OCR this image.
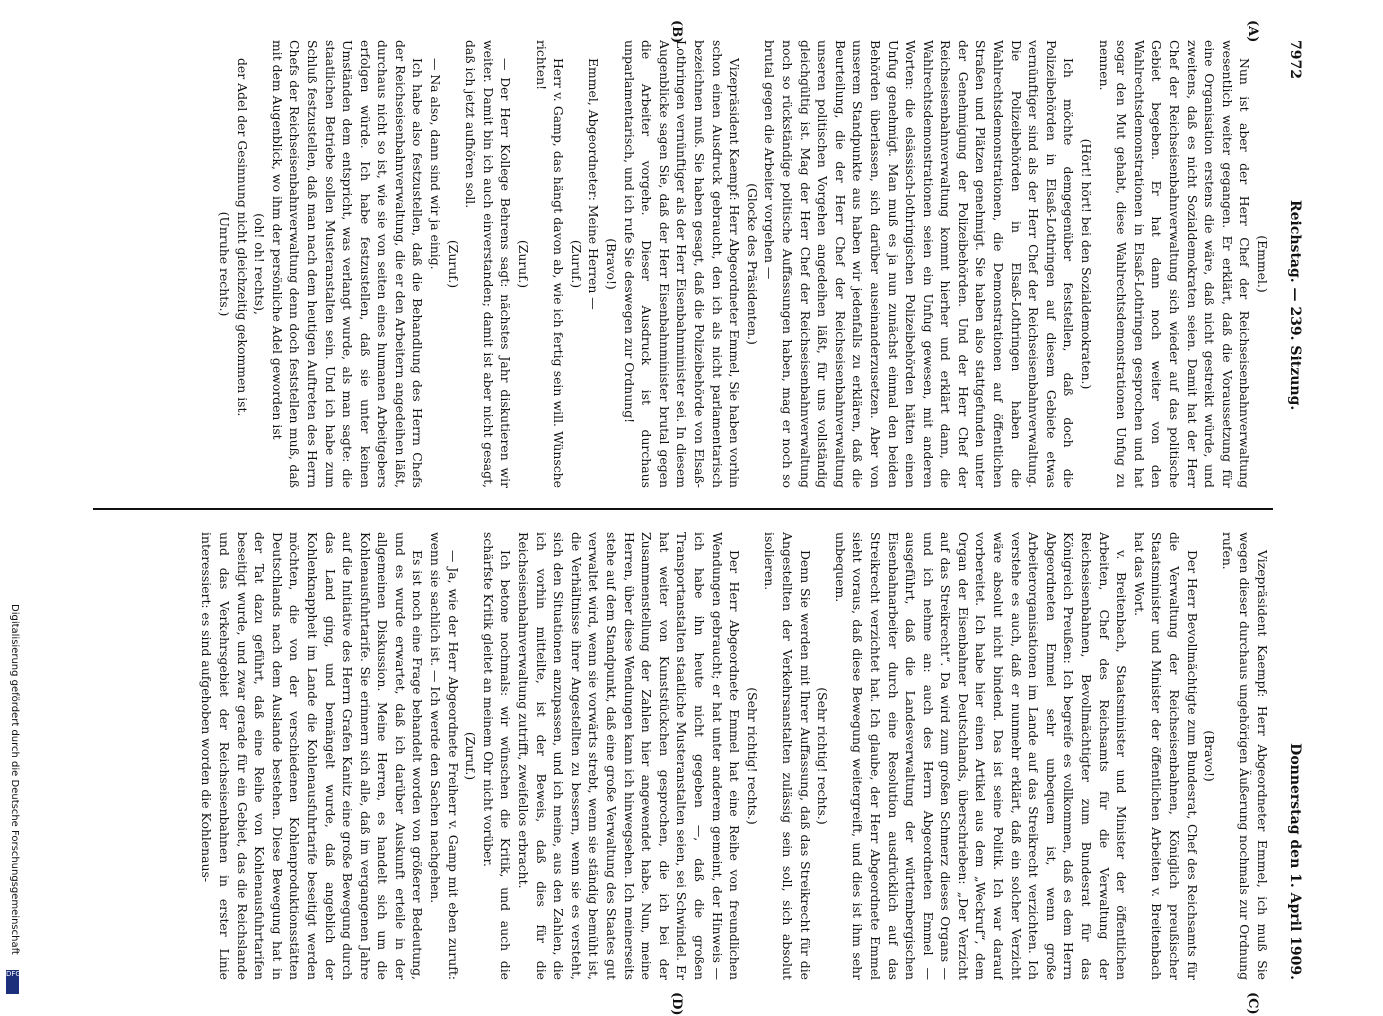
7972
Reichstag. — 239. Sitzung.
Donnerstag den 1. April 1909.
(A)
(B)
(C)
(D)

(Emmel.)

Nun ist aber der Herr Chef der Reichseisenbahnverwaltung wesentlich weiter gegangen. Er erklärt, daß die Voraussetzung für eine Organisation erstens die wäre, daß nicht gestreikt würde, und zweitens, daß es nicht Sozialdemokraten seien. Damit hat der Herr Chef der Reichseisenbahnverwaltung sich wieder auf das politische Gebiet begeben. Er hat dann noch weiter von den Wahlrechtsdemonstrationen in Elsaß-Lothringen gesprochen und hat sogar den Mut gehabt, diese Wahlrechtsdemonstrationen Unfug zu nennen.

(Hört! hört! bei den Sozialdemokraten.)

Ich möchte demgegenüber feststellen, daß doch die Polizeibehörden in Elsaß-Lothringen auf diesem Gebiete etwas vernünftiger sind als der Herr Chef der Reichseisenbahnverwaltung. Die Polizeibehörden in Elsaß-Lothringen haben die Wahlrechtsdemonstrationen, die Demonstrationen auf öffentlichen Straßen und Plätzen genehmigt. Sie haben also stattgefunden unter der Genehmigung der Polizeibehörden. Und der Herr Chef der Reichseisenbahnverwaltung kommt hierher und erklärt dann, die Wahlrechtsdemonstrationen seien ein Unfug gewesen, mit anderen Worten: die elsässisch-lothringischen Polizeibehörden hätten einen Unfug genehmigt. Man muß es ja nun zunächst einmal den beiden Behörden überlassen, sich darüber auseinanderzusetzen. Aber von unserem Standpunkte aus haben wir jedenfalls zu erklären, daß die Beurteilung, die der Herr Chef der Reichseisenbahnverwaltung unseren politischen Vorgehen angedeihen läßt, für uns vollständig gleichgültig ist. Mag der Herr Chef der Reichseisenbahnverwaltung noch so rückständige politische Auffassungen haben, mag er noch so brutal gegen die Arbeiter vorgehen —

(Glocke des Präsidenten.)

Vizepräsident Kaempf: Herr Abgeordneter Emmel, Sie haben vorhin schon einen Ausdruck gebraucht, den ich als nicht parlamentarisch bezeichnen muß. Sie haben gesagt, daß die Polizeibehörde von Elsaß-Lothringen vernünftiger als der Herr Eisenbahnminister sei. In diesem Augenblicke sagen Sie, daß der Herr Eisenbahnminister brutal gegen die Arbeiter vorgehe. Dieser Ausdruck ist durchaus unparlamentarisch, und ich rufe Sie deswegen zur Ordnung!

(Bravo!)

Emmel, Abgeordneter: Meine Herren —

(Zuruf.)

Herr v. Gamp, das hängt davon ab, wie ich fertig sein will. Wünsche richten!

(Zuruf.)

— Der Herr Kollege Behrens sagt: nächstes Jahr diskutieren wir weiter. Damit bin ich auch einverstanden; damit ist aber nicht gesagt, daß ich jetzt aufhören soll.

(Zuruf.)

— Na also, dann sind wir ja einig.

Ich habe also festzustellen, daß die Behandlung des Herrn Chefs der Reichseisenbahnverwaltung, die er den Arbeitern angedeihen läßt, durchaus nicht so ist, wie sie von seiten eines humanen Arbeitgebers erfolgen würde. Ich habe festzustellen, daß sie unter keinen Umständen dem entspricht, was verlangt wurde, als man sagte: die staatlichen Betriebe sollen Musteranstalten sein. Und ich habe zum Schluß festzustellen, daß man nach dem heutigen Auftreten des Herrn Chefs der Reichseisenbahnverwaltung denn doch feststellen muß, daß mit dem Augenblick, wo ihm der persönliche Adel geworden ist

(oh! oh! rechts),

der Adel der Gesinnung nicht gleichzeitig gekommen ist.

(Unruhe rechts.)

Vizepräsident Kaempf: Herr Abgeordneter Emmel, ich muß Sie wegen dieser durchaus ungehörigen Äußerung nochmals zur Ordnung rufen.

(Bravo!)

Der Herr Bevollmächtigte zum Bundesrat, Chef des Reichsamts für die Verwaltung der Reichseisenbahnen, Königlich preußischer Staatsminister und Minister der öffentlichen Arbeiten v. Breitenbach hat das Wort.

v. Breitenbach, Staatsminister und Minister der öffentlichen Arbeiten, Chef des Reichsamts für die Verwaltung der Reichseisenbahnen, Bevollmächtigter zum Bundesrat für das Königreich Preußen: Ich begreife es vollkommen, daß es dem Herrn Abgeordneten Emmel sehr unbequem ist, wenn große Arbeiterorganisationen im Lande auf das Streikrecht verzichten. Ich verstehe es auch, daß er nunmehr erklärt, daß ein solcher Verzicht wäre absolut nicht bindend. Das ist seine Politik. Ich war darauf vorbereitet. Ich habe hier einen Artikel aus dem „Weckruf“, dem Organ der Eisenbahner Deutschlands, überschrieben: „Der Verzicht auf das Streikrecht“. Da wird zum großen Schmerz dieses Organs — und ich nehme an: auch des Herrn Abgeordneten Emmel — ausgeführt, daß die Landesverwaltung der württembergischen Eisenbahnarbeiter durch eine Resolution ausdrücklich auf das Streikrecht verzichtet hat. Ich glaube, der Herr Abgeordnete Emmel sieht voraus, daß diese Bewegung weitergreift, und dies ist ihm sehr unbequem.

(Sehr richtig! rechts.)

Denn Sie werden mit Ihrer Auffassung, daß das Streikrecht für die Angestellten der Verkehrsanstalten zulässig sein soll, sich absolut isolieren.

(Sehr richtig! rechts.)

Der Herr Abgeordnete Emmel hat eine Reihe von freundlichen Wendungen gebraucht; er hat unter anderem gemeint, der Hinweis — ich habe ihn heute nicht gegeben —, daß die großen Transportanstalten staatliche Musteranstalten seien, sei Schwindel. Er hat weiter von Kunststückchen gesprochen, die ich bei der Zusammenstellung der Zahlen hier angewendet habe. Nun, meine Herren, über diese Wendungen kann ich hinwegsehen. Ich meinerseits stehe auf dem Standpunkt, daß eine große Verwaltung des Staates gut verwaltet wird, wenn sie vorwärts strebt, wenn sie ständig bemüht ist, die Verhältnisse ihrer Angestellten zu bessern, wenn sie es versteht, sich den Situationen anzupassen, und ich meine, aus den Zahlen, die ich vorhin mitteilte, ist der Beweis, daß dies für die Reichseisenbahnverwaltung zutrifft, zweifellos erbracht.

Ich betone nochmals: wir wünschen die Kritik, und auch die schärfste Kritik gleitet an meinem Ohr nicht vorüber.

(Zuruf.)

— Ja, wie der Herr Abgeordnete Freiherr v. Gamp mit eben zuruft: wenn sie sachlich ist. — Ich werde den Sachen nachgehen.

Es ist noch eine Frage behandelt worden von größerer Bedeutung, und es wurde erwartet, daß ich darüber Auskunft erteile in der allgemeinen Diskussion. Meine Herren, es handelt sich um die Kohlenausfuhrtarife. Sie erinnern sich alle, daß im vergangenen Jahre auf die Initiative des Herrn Grafen Kanitz eine große Bewegung durch das Land ging, und bemängelt wurde, daß angeblich der Kohlenknappheit im Lande die Kohlenausfuhrtarife beseitigt werden möchten, die von der verschiedenen Kohlenproduktionsstätten Deutschlands nach dem Auslande bestehen. Diese Bewegung hat in der Tat dazu geführt, daß eine Reihe von Kohlenausfuhrtarifen beseitigt wurde, und zwar gerade für ein Gebiet, das die Reichslande und das Verkehrsgebiet der Reichseisenbahnen in erster Linie interessiert: es sind aufgehoben worden die Kohlenaus-

Digitalisierung gefördert durch die Deutsche Forschungsgemeinschaft
DFG
